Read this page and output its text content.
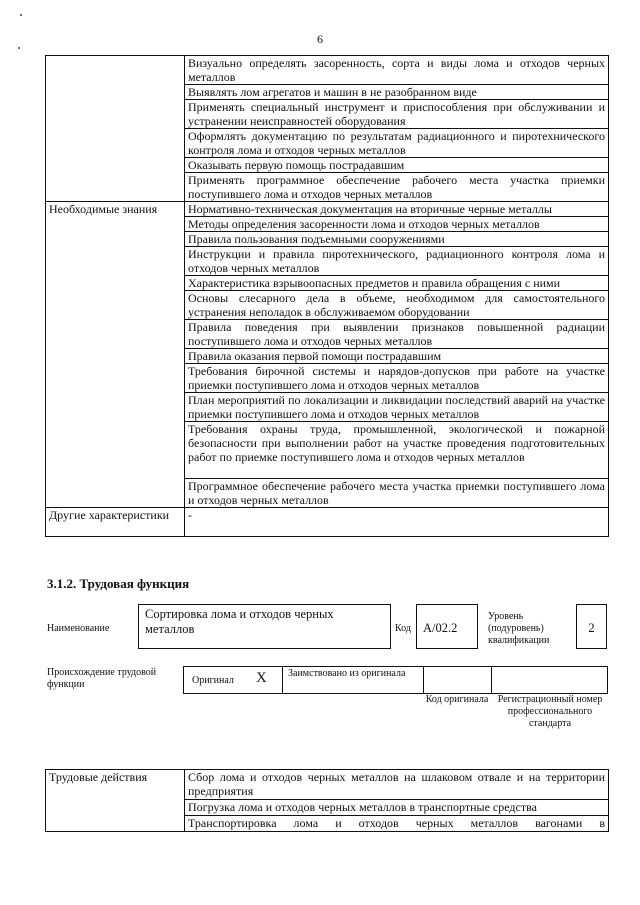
6
	Визуально определять засоренность, сорта и виды лома и отходов черных металлов
	Выявлять лом агрегатов и машин в не разобранном виде
	Применять специальный инструмент и приспособления при обслуживании и устранении неисправностей оборудования
	Оформлять документацию по результатам радиационного и пиротехнического контроля лома и отходов черных металлов
	Оказывать первую помощь пострадавшим
	Применять программное обеспечение рабочего места участка приемки поступившего лома и отходов черных металлов
Необходимые знания	Нормативно-техническая документация на вторичные черные металлы
	Методы определения засоренности лома и отходов черных металлов
	Правила пользования подъемными сооружениями
	Инструкции и правила пиротехнического, радиационного контроля лома и отходов черных металлов
	Характеристика взрывоопасных предметов и правила обращения с ними
	Основы слесарного дела в объеме, необходимом для самостоятельного устранения неполадок в обслуживаемом оборудовании
	Правила поведения при выявлении признаков повышенной радиации поступившего лома и отходов черных металлов
	Правила оказания первой помощи пострадавшим
	Требования бирочной системы и нарядов-допусков при работе на участке приемки поступившего лома и отходов черных металлов
	План мероприятий по локализации и ликвидации последствий аварий на участке приемки поступившего лома и отходов черных металлов
	Требования охраны труда, промышленной, экологической и пожарной безопасности при выполнении работ на участке проведения подготовительных работ по приемке поступившего лома и отходов черных металлов
	Программное обеспечение рабочего места участка приемки поступившего лома и отходов черных металлов
Другие характеристики	-
3.1.2. Трудовая функция
Наименование
Сортировка лома и отходов черных металлов	Код А/02.2
Уровень (подуровень) квалификации
2
Происхождение трудовой функции	Оригинал X Заимствовано из оригинала
Код оригинала Регистрационный номер профессионального стандарта
Трудовые действия	Сбор лома и отходов черных металлов на шлаковом отвале и на территории предприятия
Погрузка лома и отходов черных металлов в транспортные средства
Транспортировка лома и отходов черных металлов вагонами в
